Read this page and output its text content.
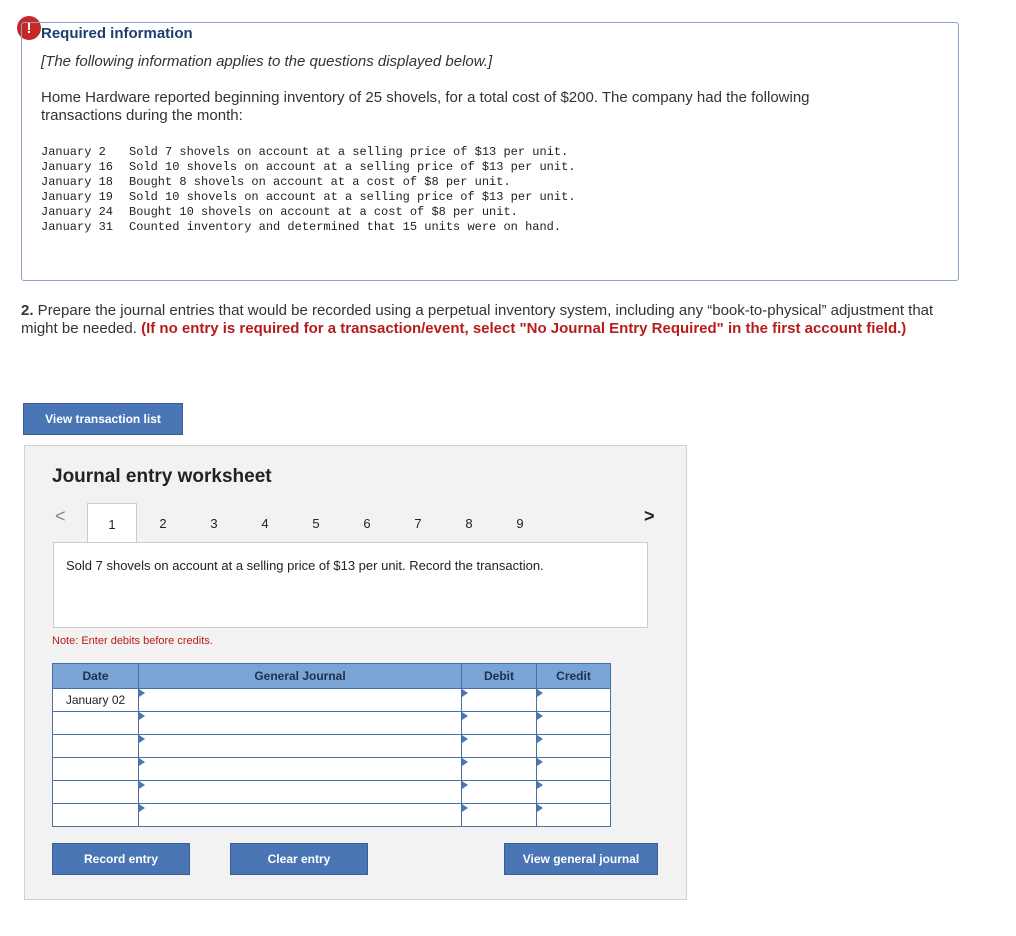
! Required information
[The following information applies to the questions displayed below.]
Home Hardware reported beginning inventory of 25 shovels, for a total cost of $200. The company had the following transactions during the month:
January 2	Sold 7 shovels on account at a selling price of $13 per unit.
January 16	Sold 10 shovels on account at a selling price of $13 per unit.
January 18	Bought 8 shovels on account at a cost of $8 per unit.
January 19	Sold 10 shovels on account at a selling price of $13 per unit.
January 24	Bought 10 shovels on account at a cost of $8 per unit.
January 31	Counted inventory and determined that 15 units were on hand.
2. Prepare the journal entries that would be recorded using a perpetual inventory system, including any “book-to-physical” adjustment that might be needed. (If no entry is required for a transaction/event, select "No Journal Entry Required" in the first account field.)
View transaction list
Journal entry worksheet
<	1	2	3	4	5	6	7	8	9	>
Sold 7 shovels on account at a selling price of $13 per unit. Record the transaction.
Note: Enter debits before credits.
Date	General Journal	Debit	Credit
January 02	

Record entry	Clear entry	View general journal
